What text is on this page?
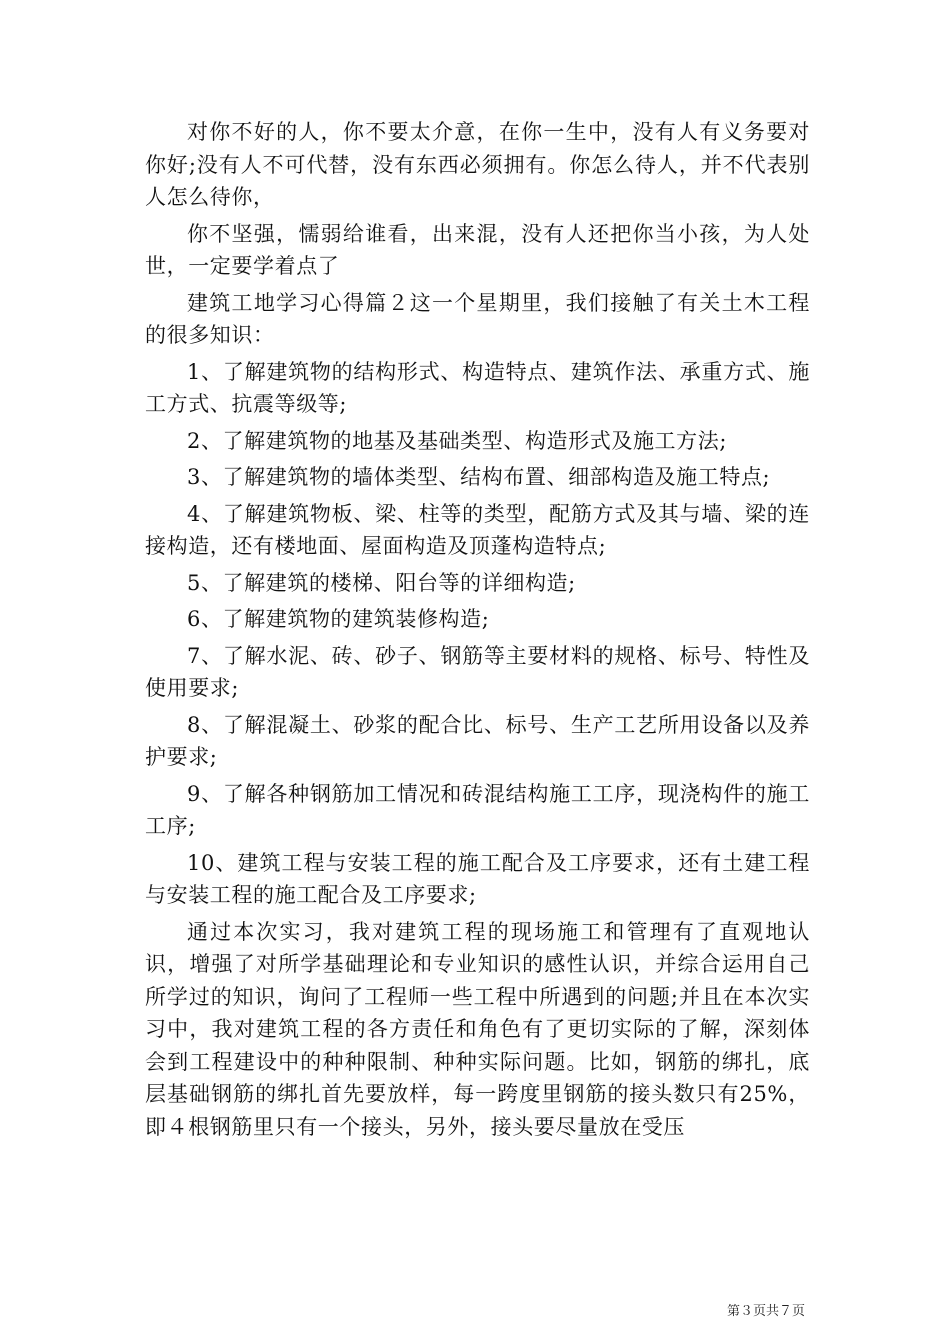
对你不好的人，你不要太介意，在你一生中，没有人有义务要对你好;没有人不可代替，没有东西必须拥有。你怎么待人，并不代表别人怎么待你，

你不坚强，懦弱给谁看，出来混，没有人还把你当小孩，为人处世，一定要学着点了

建筑工地学习心得篇２这一个星期里，我们接触了有关土木工程的很多知识：

1、了解建筑物的结构形式、构造特点、建筑作法、承重方式、施工方式、抗震等级等;

2、了解建筑物的地基及基础类型、构造形式及施工方法;

3、了解建筑物的墙体类型、结构布置、细部构造及施工特点;

4、了解建筑物板、梁、柱等的类型，配筋方式及其与墙、梁的连接构造，还有楼地面、屋面构造及顶蓬构造特点;

5、了解建筑的楼梯、阳台等的详细构造;

6、了解建筑物的建筑装修构造;

7、了解水泥、砖、砂子、钢筋等主要材料的规格、标号、特性及使用要求;

8、了解混凝土、砂浆的配合比、标号、生产工艺所用设备以及养护要求;

9、了解各种钢筋加工情况和砖混结构施工工序，现浇构件的施工工序;

10、建筑工程与安装工程的施工配合及工序要求，还有土建工程与安装工程的施工配合及工序要求;

通过本次实习，我对建筑工程的现场施工和管理有了直观地认识，增强了对所学基础理论和专业知识的感性认识，并综合运用自己所学过的知识，询问了工程师一些工程中所遇到的问题;并且在本次实习中，我对建筑工程的各方责任和角色有了更切实际的了解，深刻体会到工程建设中的种种限制、种种实际问题。比如，钢筋的绑扎，底层基础钢筋的绑扎首先要放样，每一跨度里钢筋的接头数只有25%，即４根钢筋里只有一个接头，另外，接头要尽量放在受压

第３页共７页
